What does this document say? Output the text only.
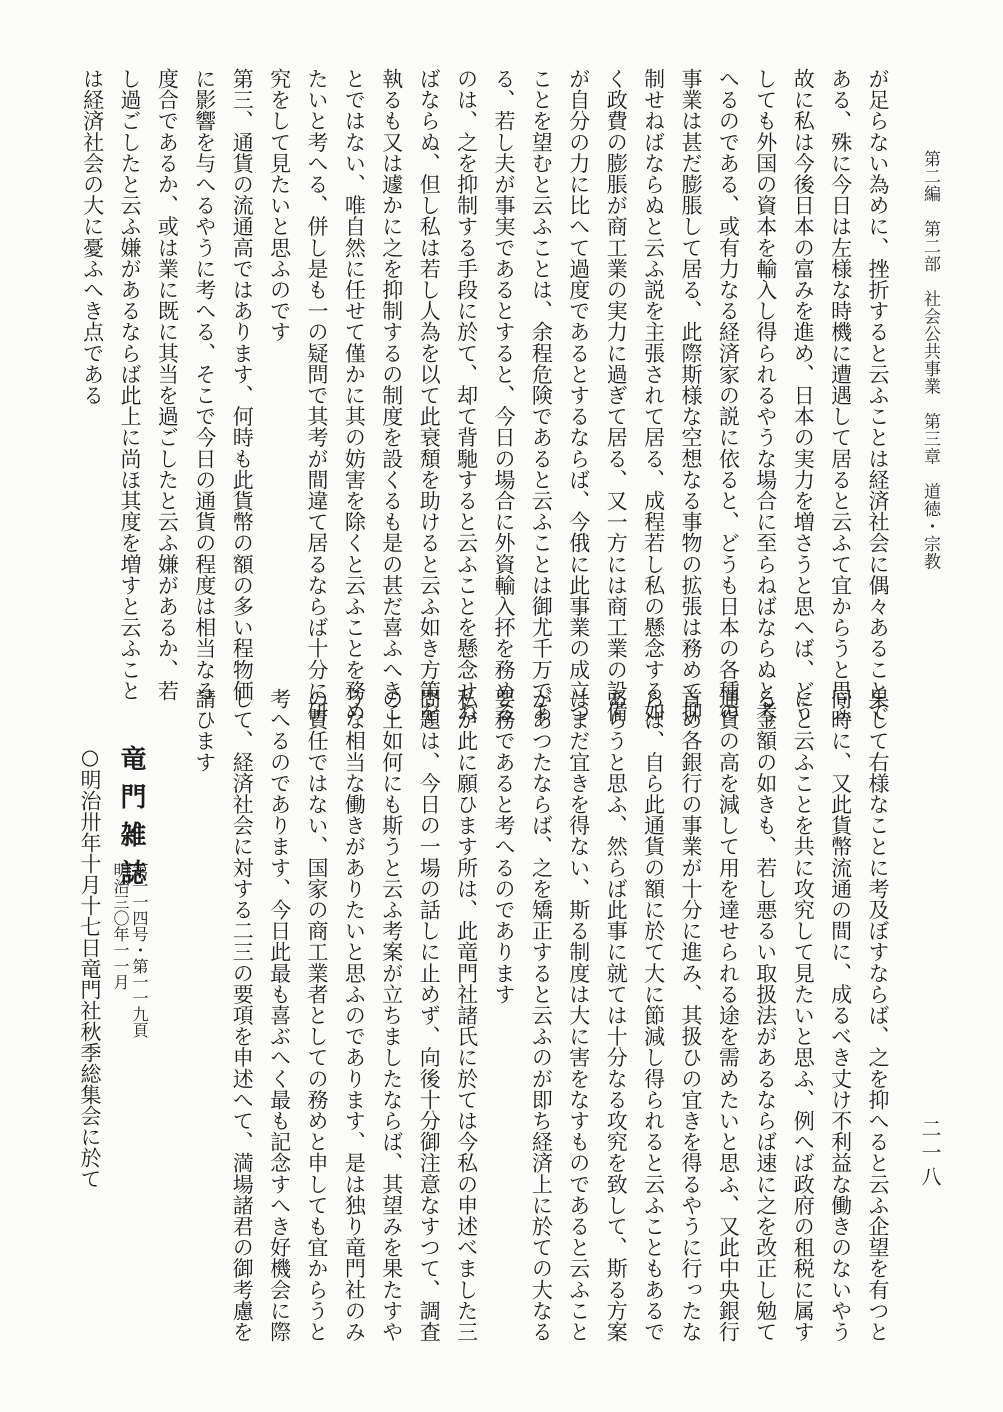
第二編　第二部　社会公共事業　第三章　道徳・宗教
二一八
が足らない為めに、挫折すると云ふことは経済社会に偶々あることで
ある、殊に今日は左様な時機に遭遇して居ると云ふて宜からうと思ふ
故に私は今後日本の富みを進め、日本の実力を増さうと思へば、どう
しても外国の資本を輸入し得られるやうな場合に至らねばならぬと考
へるのである、或有力なる経済家の説に依ると、どうも日本の各種の
事業は甚だ膨脹して居る、此際斯様な空想なる事物の拡張は務めて抑
制せねばならぬと云ふ説を主張されて居る、成程若し私の懸念する如
く政費の膨脹が商工業の実力に過ぎて居る、又一方には商工業の設備
が自分の力に比へて過度であるとするならば、今俄に此事業の成立つ
ことを望むと云ふことは、余程危険であると云ふことは御尤千万であ
る、若し夫が事実であるとすると、今日の場合に外資輸入抔を務める
のは、之を抑制する手段に於て、却て背馳すると云ふことを懸念せね
ばならぬ、但し私は若し人為を以て此衰頽を助けると云ふ如き方策を
執るも又は遽かに之を抑制するの制度を設くるも是の甚だ喜ふへきこ
とではない、唯自然に任せて僅かに其の妨害を除くと云ふことを務め
たいと考へる、併し是も一の疑問で其考が間違て居るならば十分に研
究をして見たいと思ふのです
第三、通貨の流通高ではあります、何時も此貨幣の額の多い程物価
に影響を与へるやうに考へる、そこで今日の通貨の程度は相当なる
度合であるか、或は業に既に其当を過ごしたと云ふ嫌があるか、若
し過ごしたと云ふ嫌があるならば此上に尚ほ其度を増すと云ふこと
は経済社会の大に憂ふへき点である
果して右様なことに考及ぼすならば、之を抑へると云ふ企望を有つと
同時に、又此貨幣流通の間に、成るべき丈け不利益な働きのないやう
にと云ふことを共に攻究して見たいと思ふ、例へば政府の租税に属す
る金額の如きも、若し悪るい取扱法があるならば速に之を改正し勉て
通貨の高を減して用を達せられる途を需めたいと思ふ、又此中央銀行
首め各銀行の事業が十分に進み、其扱ひの宜きを得るやうに行ったな
らば、自ら此通貨の額に於て大に節減し得られると云ふこともあるで
あらうと思ふ、然らば此事に就ては十分なる攻究を致して、斯る方案
はまだ宜きを得ない、斯る制度は大に害をなすものであると云ふこと
があつたならば、之を矯正すると云ふのが即ち経済上に於ての大なる
要務であると考へるのであります
私が此に願ひます所は、此竜門社諸氏に於ては今私の申述べました三
問題は、今日の一場の話しに止めず、向後十分御注意なすつて、調査
の上如何にも斯うと云ふ考案が立ちましたならば、其望みを果たすや
うな相当な働きがありたいと思ふのであります、是は独り竜門社のみ
の責任ではない、国家の商工業者としての務めと申しても宜からうと
考へるのであります、今日此最も喜ぶへく最も記念すへき好機会に際
して、経済社会に対する二三の要項を申述へて、満場諸君の御考慮を
請ひます
竜門雑誌
第一一四号・第一一九頁
明治三〇年一一月
○明治卅年十月十七日竜門社秋季総集会に於て
